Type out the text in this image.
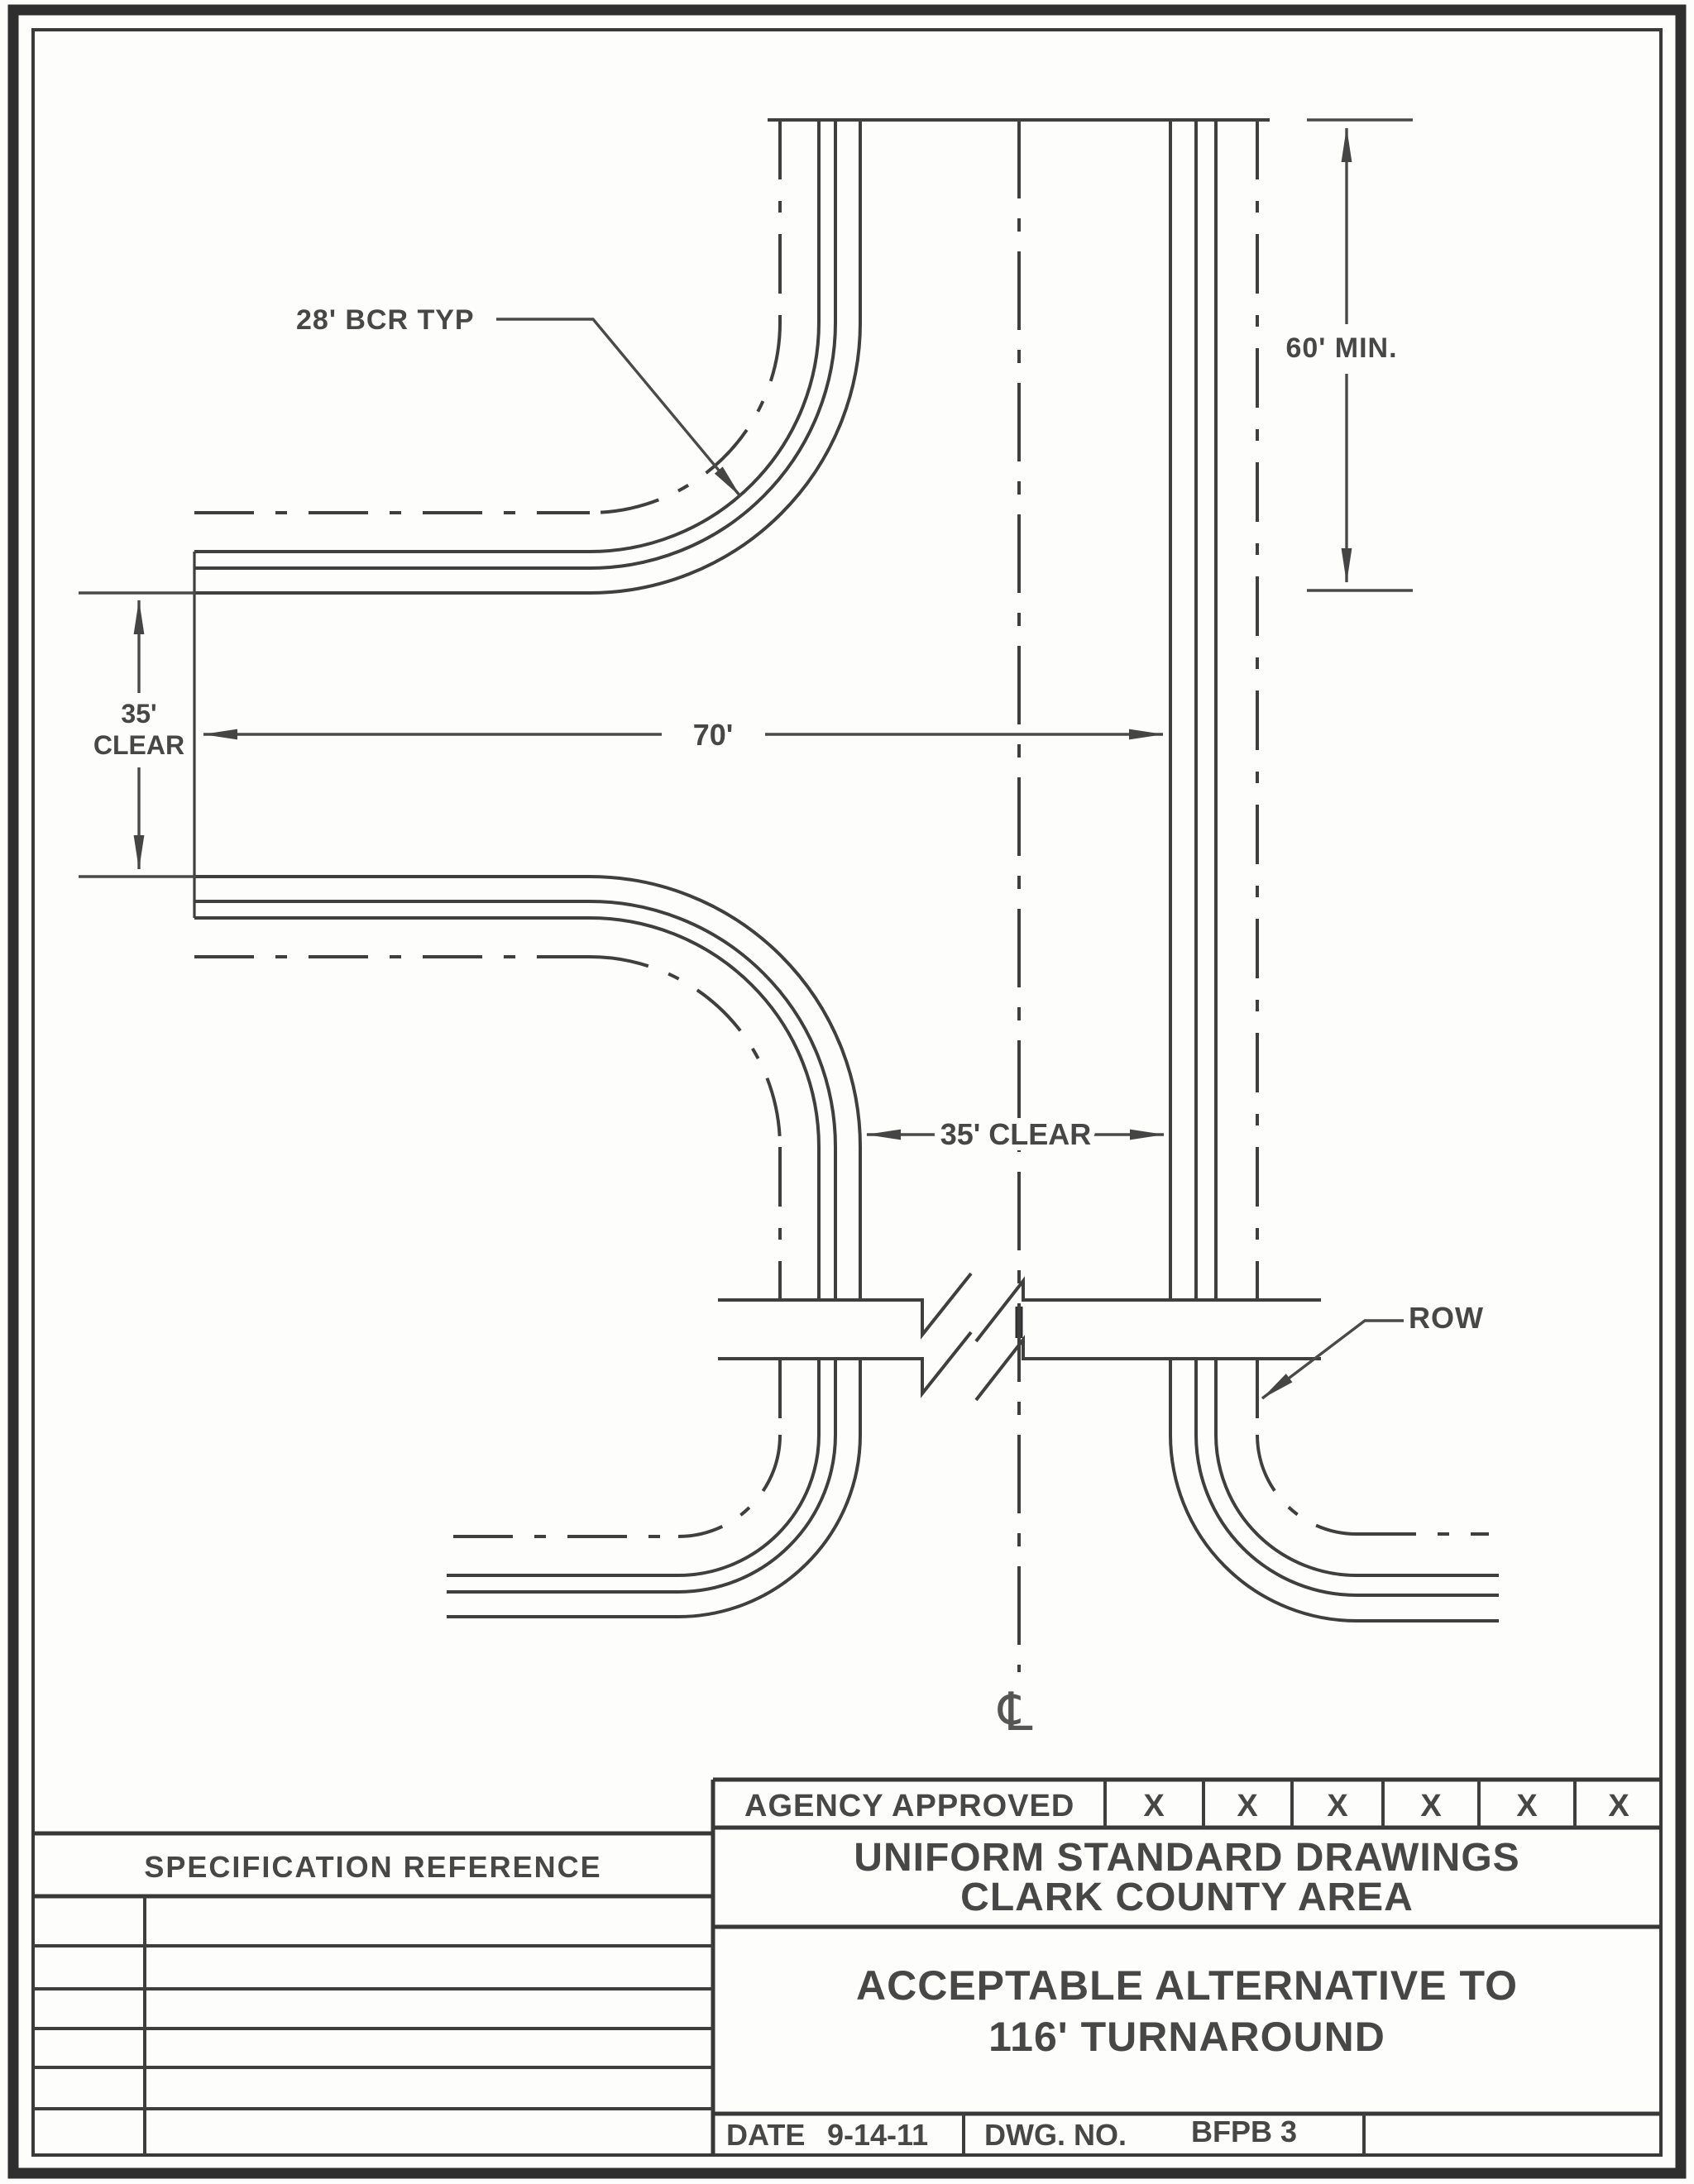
℄
60' MIN.
35'
CLEAR	70'
35' CLEAR
28' BCR TYP
ROW
AGENCY APPROVED X X X X X X
UNIFORM STANDARD DRAWINGS
CLARK COUNTY AREA
ACCEPTABLE ALTERNATIVE TO
116' TURNAROUND
SPECIFICATION REFERENCE
DATE 9-14-11 DWG. NO. BFPB 3
